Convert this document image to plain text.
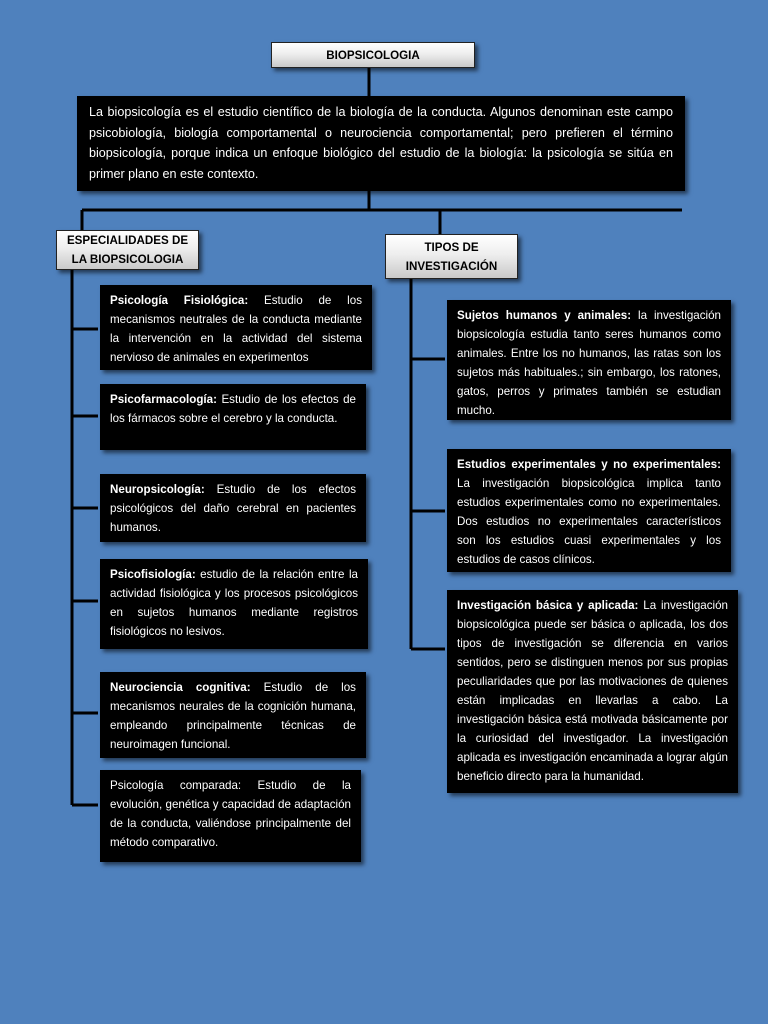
BIOPSICOLOGIA
La biopsicología es el estudio científico de la biología de la conducta. Algunos denominan este campo psicobiología, biología comportamental o neurociencia comportamental; pero prefieren el término biopsicología, porque indica un enfoque biológico del estudio de la biología: la psicología se sitúa en primer plano en este contexto.
ESPECIALIDADES DE
LA BIOPSICOLOGIA
TIPOS DE
INVESTIGACIÓN
Psicología Fisiológica: Estudio de los mecanismos neutrales de la conducta mediante la intervención en la actividad del sistema nervioso de animales en experimentos
Psicofarmacología: Estudio de los efectos de los fármacos sobre el cerebro y la conducta.
Neuropsicología: Estudio de los efectos psicológicos del daño cerebral en pacientes humanos.
Psicofisiología: estudio de la relación entre la actividad fisiológica y los procesos psicológicos en sujetos humanos mediante registros fisiológicos no lesivos.
Neurociencia cognitiva: Estudio de los mecanismos neurales de la cognición humana, empleando principalmente técnicas de neuroimagen funcional.
Psicología comparada: Estudio de la evolución, genética y capacidad de adaptación de la conducta, valiéndose principalmente del método comparativo.
Sujetos humanos y animales: la investigación biopsicología estudia tanto seres humanos como animales. Entre los no humanos, las ratas son los sujetos más habituales.; sin embargo, los ratones, gatos, perros y primates también se estudian mucho.
Estudios experimentales y no experimentales: La investigación biopsicológica implica tanto estudios experimentales como no experimentales. Dos estudios no experimentales característicos son los estudios cuasi experimentales y los estudios de casos clínicos.
Investigación básica y aplicada: La investigación biopsicológica puede ser básica o aplicada, los dos tipos de investigación se diferencia en varios sentidos, pero se distinguen menos por sus propias peculiaridades que por las motivaciones de quienes están implicadas en llevarlas a cabo. La investigación básica está motivada básicamente por la curiosidad del investigador. La investigación aplicada es investigación encaminada a lograr algún beneficio directo para la humanidad.
